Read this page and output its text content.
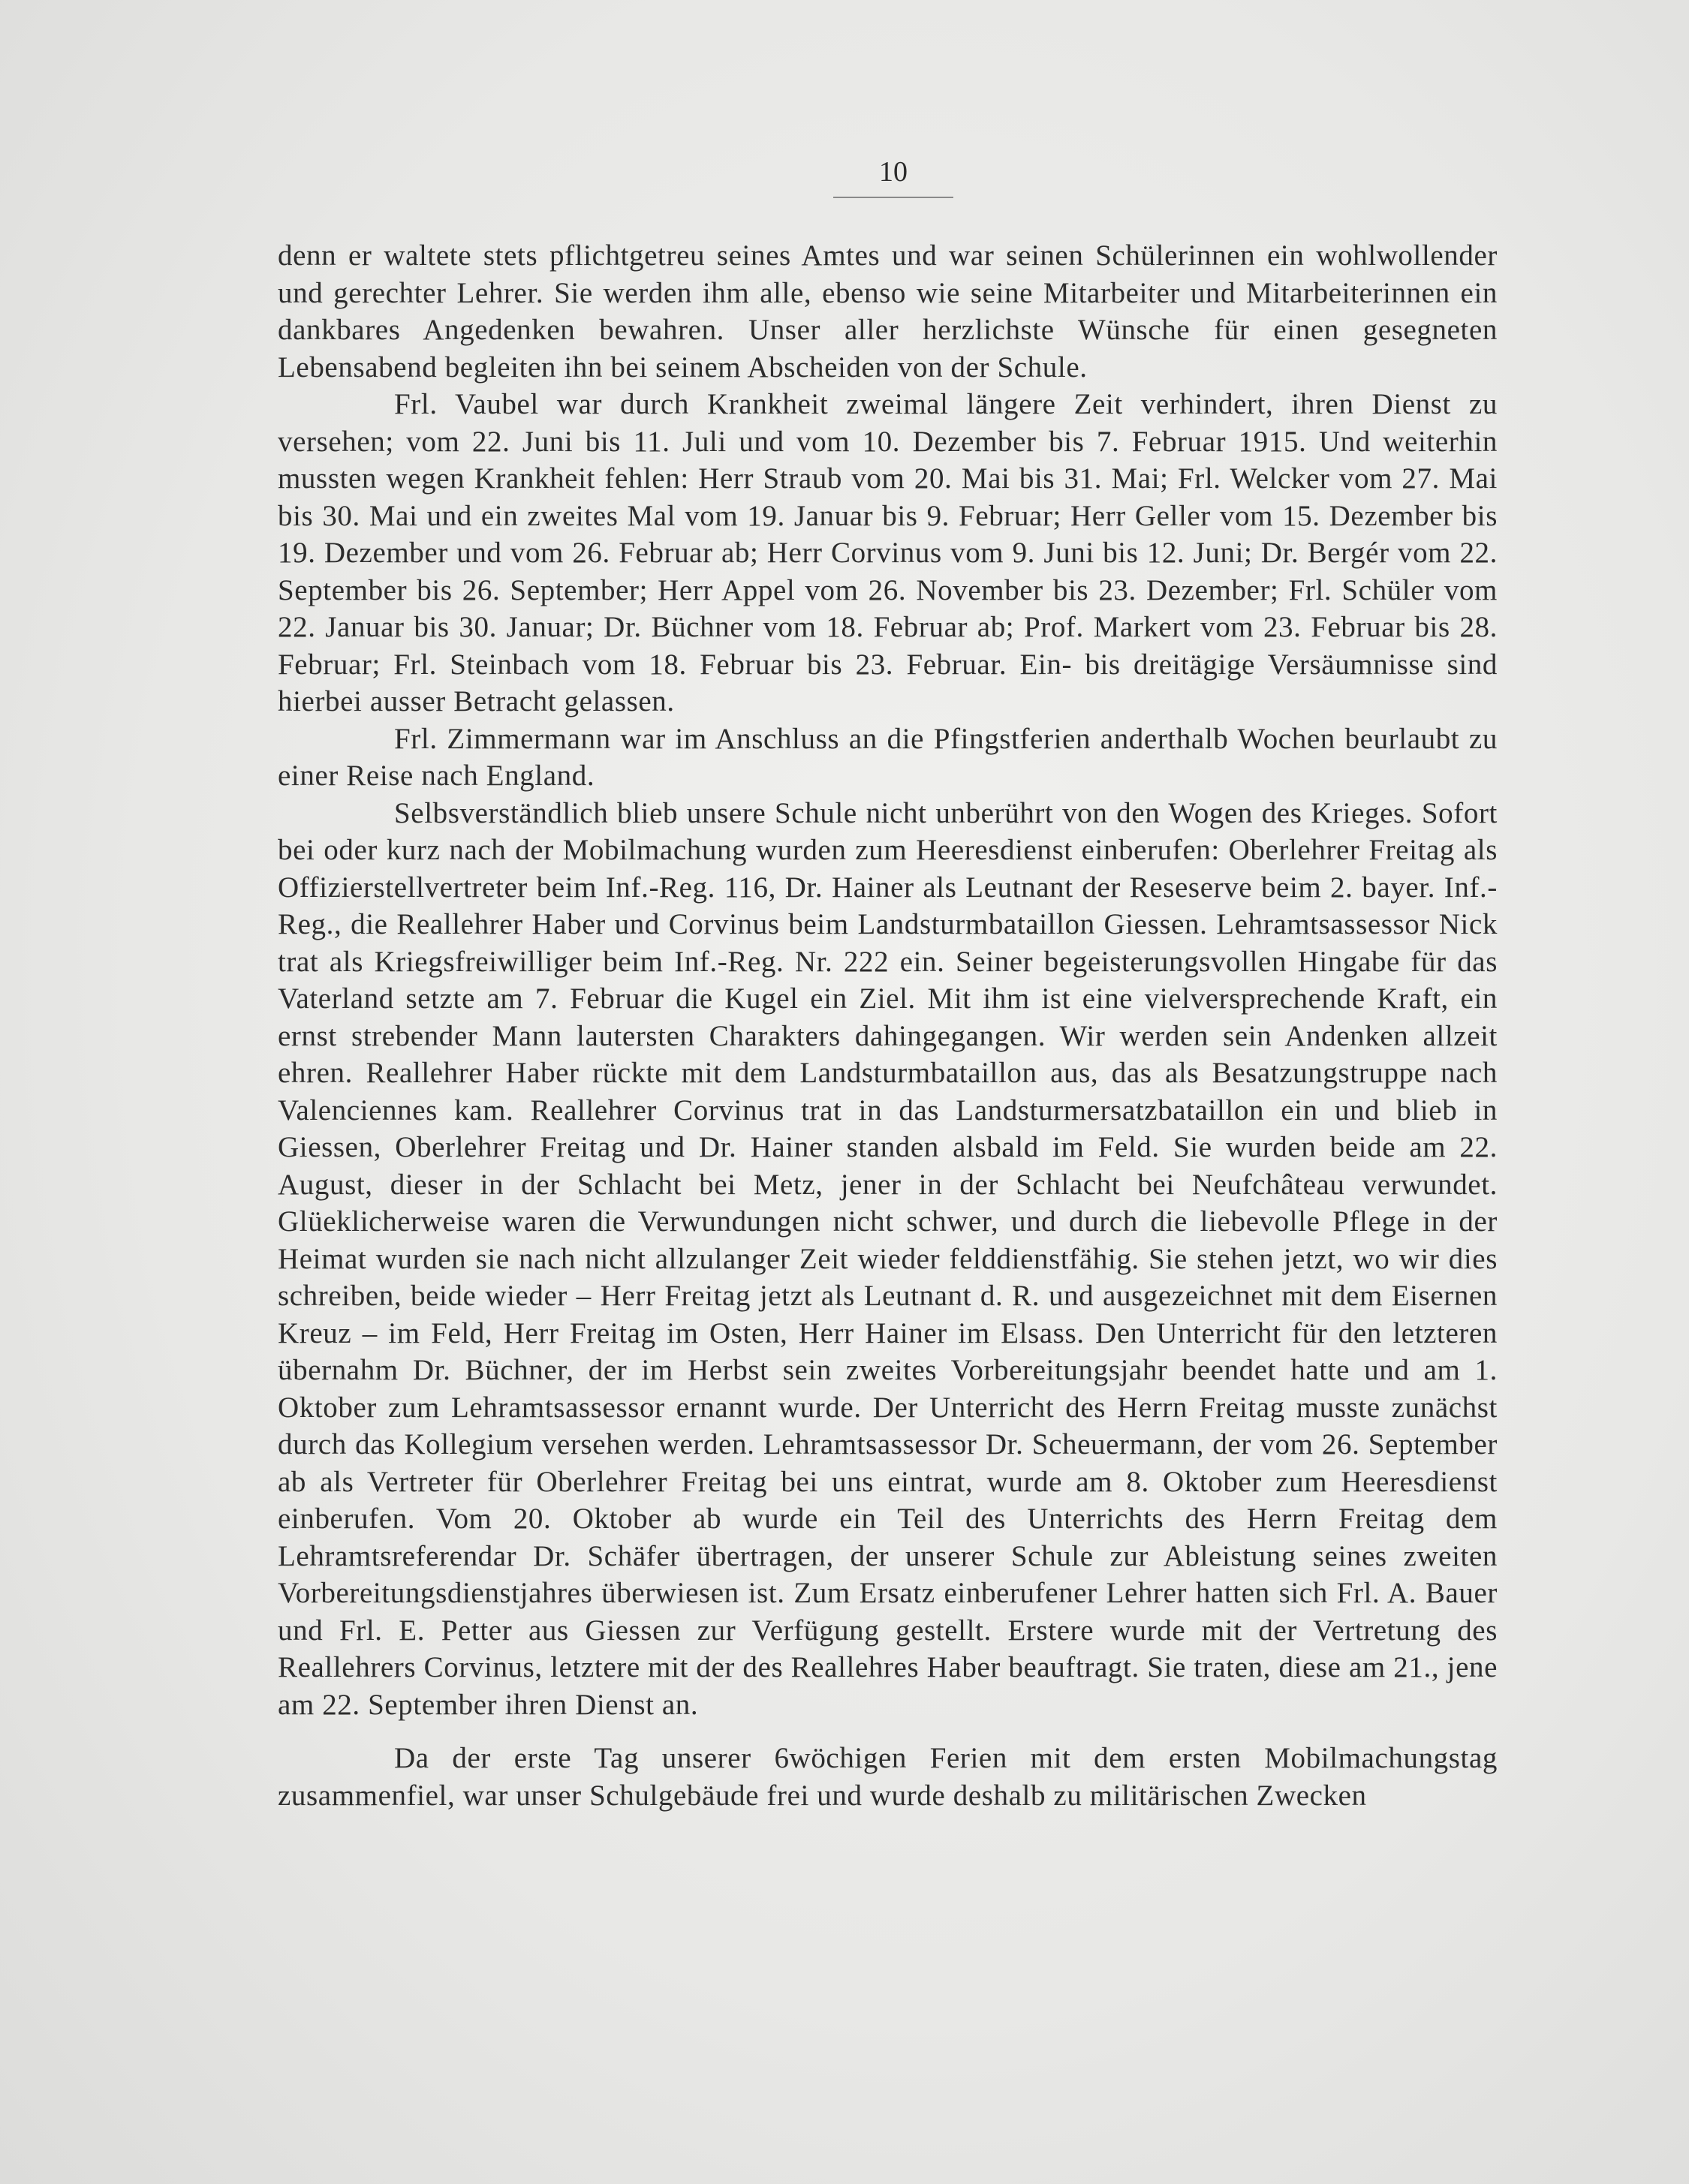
10

denn er waltete stets pflichtgetreu seines Amtes und war seinen Schülerinnen ein wohlwollender und gerechter Lehrer. Sie werden ihm alle, ebenso wie seine Mitarbeiter und Mitarbeiterinnen ein dankbares Angedenken bewahren. Unser aller herzlichste Wünsche für einen gesegneten Lebensabend begleiten ihn bei seinem Abscheiden von der Schule.

Frl. Vaubel war durch Krankheit zweimal längere Zeit verhindert, ihren Dienst zu versehen; vom 22. Juni bis 11. Juli und vom 10. Dezember bis 7. Februar 1915. Und weiterhin mussten wegen Krankheit fehlen: Herr Straub vom 20. Mai bis 31. Mai; Frl. Welcker vom 27. Mai bis 30. Mai und ein zweites Mal vom 19. Januar bis 9. Februar; Herr Geller vom 15. Dezember bis 19. Dezember und vom 26. Februar ab; Herr Corvinus vom 9. Juni bis 12. Juni; Dr. Bergér vom 22. September bis 26. September; Herr Appel vom 26. November bis 23. Dezember; Frl. Schüler vom 22. Januar bis 30. Januar; Dr. Büchner vom 18. Februar ab; Prof. Markert vom 23. Februar bis 28. Februar; Frl. Steinbach vom 18. Februar bis 23. Februar. Ein- bis dreitägige Versäumnisse sind hierbei ausser Betracht gelassen.

Frl. Zimmermann war im Anschluss an die Pfingstferien anderthalb Wochen beurlaubt zu einer Reise nach England.

Selbsverständlich blieb unsere Schule nicht unberührt von den Wogen des Krieges. Sofort bei oder kurz nach der Mobilmachung wurden zum Heeresdienst einberufen: Oberlehrer Freitag als Offizierstellvertreter beim Inf.-Reg. 116, Dr. Hainer als Leutnant der Reseserve beim 2. bayer. Inf.-Reg., die Reallehrer Haber und Corvinus beim Landsturmbataillon Giessen. Lehramtsassessor Nick trat als Kriegsfreiwilliger beim Inf.-Reg. Nr. 222 ein. Seiner begeisterungsvollen Hingabe für das Vaterland setzte am 7. Februar die Kugel ein Ziel. Mit ihm ist eine vielversprechende Kraft, ein ernst strebender Mann lautersten Charakters dahingegangen. Wir werden sein Andenken allzeit ehren. Reallehrer Haber rückte mit dem Landsturmbataillon aus, das als Besatzungstruppe nach Valenciennes kam. Reallehrer Corvinus trat in das Landsturmersatzbataillon ein und blieb in Giessen, Oberlehrer Freitag und Dr. Hainer standen alsbald im Feld. Sie wurden beide am 22. August, dieser in der Schlacht bei Metz, jener in der Schlacht bei Neufchâteau verwundet. Glüeklicherweise waren die Verwundungen nicht schwer, und durch die liebevolle Pflege in der Heimat wurden sie nach nicht allzulanger Zeit wieder felddienstfähig. Sie stehen jetzt, wo wir dies schreiben, beide wieder – Herr Freitag jetzt als Leutnant d. R. und ausgezeichnet mit dem Eisernen Kreuz – im Feld, Herr Freitag im Osten, Herr Hainer im Elsass. Den Unterricht für den letzteren übernahm Dr. Büchner, der im Herbst sein zweites Vorbereitungsjahr beendet hatte und am 1. Oktober zum Lehramtsassessor ernannt wurde. Der Unterricht des Herrn Freitag musste zunächst durch das Kollegium versehen werden. Lehramtsassessor Dr. Scheuermann, der vom 26. September ab als Vertreter für Oberlehrer Freitag bei uns eintrat, wurde am 8. Oktober zum Heeresdienst einberufen. Vom 20. Oktober ab wurde ein Teil des Unterrichts des Herrn Freitag dem Lehramtsreferendar Dr. Schäfer übertragen, der unserer Schule zur Ableistung seines zweiten Vorbereitungsdienstjahres überwiesen ist. Zum Ersatz einberufener Lehrer hatten sich Frl. A. Bauer und Frl. E. Petter aus Giessen zur Verfügung gestellt. Erstere wurde mit der Vertretung des Reallehrers Corvinus, letztere mit der des Reallehres Haber beauftragt. Sie traten, diese am 21., jene am 22. September ihren Dienst an.

Da der erste Tag unserer 6wöchigen Ferien mit dem ersten Mobilmachungstag zusammenfiel, war unser Schulgebäude frei und wurde deshalb zu militärischen Zwecken
